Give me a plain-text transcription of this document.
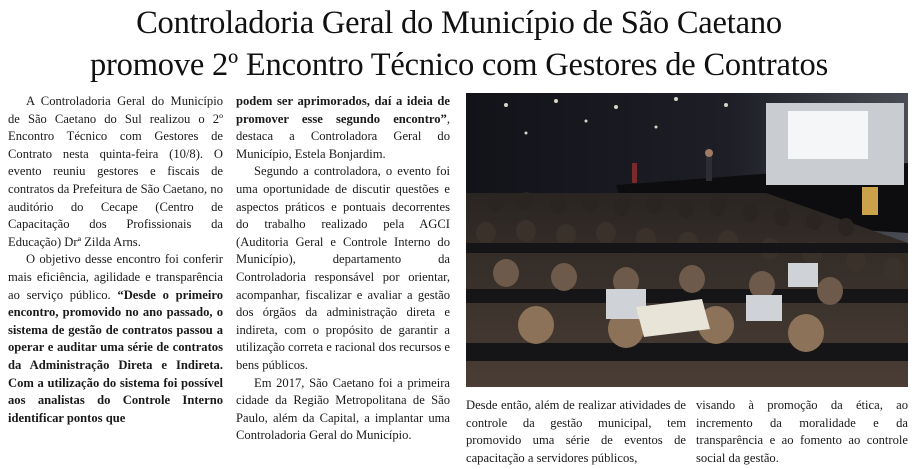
Controladoria Geral do Município de São Caetano
promove 2º Encontro Técnico com Gestores de Contratos

A Controladoria Geral do Município de São Caetano do Sul realizou o 2º Encontro Técnico com Gestores de Contrato nesta quinta-feira (10/8). O evento reuniu gestores e fiscais de contratos da Prefeitura de São Caetano, no auditório do Cecape (Centro de Capacitação dos Profissionais da Educação) Drª Zilda Arns.

O objetivo desse encontro foi conferir mais eficiência, agilidade e transparência ao serviço público. “Desde o primeiro encontro, promovido no ano passado, o sistema de gestão de contratos passou a operar e auditar uma série de contratos da Administração Direta e Indireta. Com a utilização do sistema foi possível aos analistas do Controle Interno identificar pontos que

podem ser aprimorados, daí a ideia de promover esse segundo encontro”, destaca a Controladora Geral do Município, Estela Bonjardim.

Segundo a controladora, o evento foi uma oportunidade de discutir questões e aspectos práticos e pontuais decorrentes do trabalho realizado pela AGCI (Auditoria Geral e Controle Interno do Município), departamento da Controladoria responsável por orientar, acompanhar, fiscalizar e avaliar a gestão dos órgãos da administração direta e indireta, com o propósito de garantir a utilização correta e racional dos recursos e bens públicos.

Em 2017, São Caetano foi a primeira cidade da Região Metropolitana de São Paulo, além da Capital, a implantar uma Controladoria Geral do Município.

Desde então, além de realizar atividades de controle da gestão municipal, tem promovido uma série de eventos de capacitação a servidores públicos,

visando à promoção da ética, ao incremento da moralidade e da transparência e ao fomento ao controle social da gestão.
